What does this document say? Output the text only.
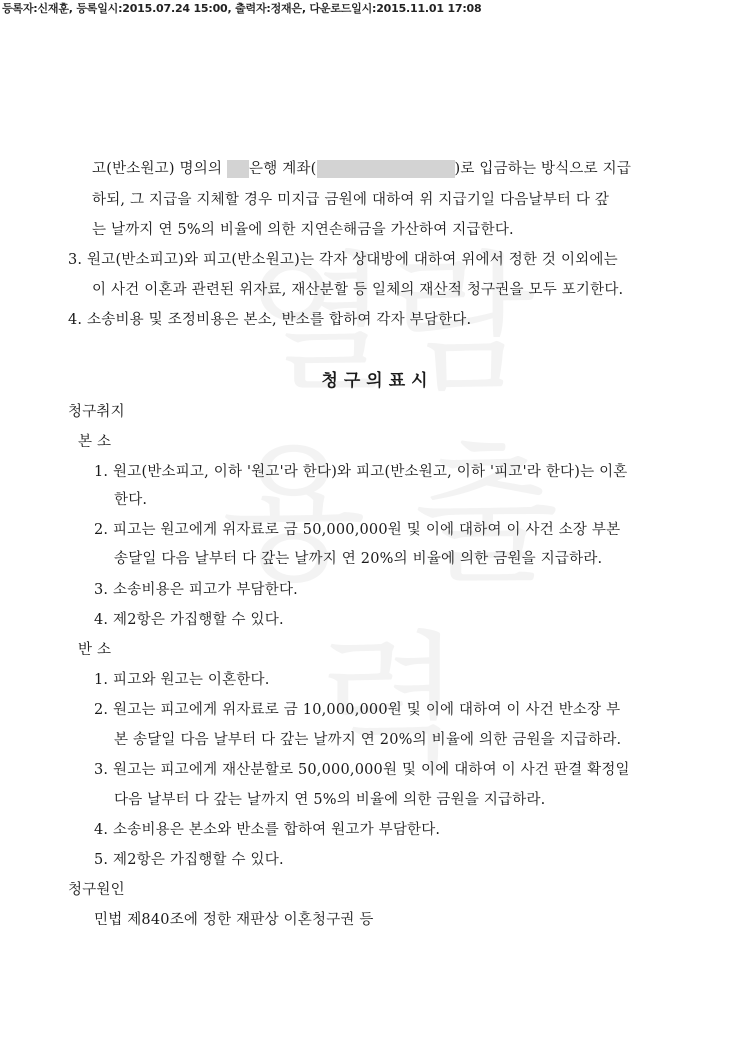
등록자:신재훈, 등록일시:2015.07.24 15:00, 출력자:정재은, 다운로드일시:2015.11.01 17:08
고(반소원고) 명의의 은행 계좌(	)로 입금하는 방식으로 지급
하되, 그 지급을 지체할 경우 미지급 금원에 대하여 위 지급기일 다음날부터 다 갚
는 날까지 연 5%의 비율에 의한 지연손해금을 가산하여 지급한다.
3. 원고(반소피고)와 피고(반소원고)는 각자 상대방에 대하여 위에서 정한 것 이외에는
이 사건 이혼과 관련된 위자료, 재산분할 등 일체의 재산적 청구권을 모두 포기한다.
4. 소송비용 및 조정비용은 본소, 반소를 합하여 각자 부담한다.
청구의표시
청구취지
본 소
1. 원고(반소피고, 이하 '원고'라 한다)와 피고(반소원고, 이하 '피고'라 한다)는 이혼
한다.
2. 피고는 원고에게 위자료로 금 50,000,000원 및 이에 대하여 이 사건 소장 부본
송달일 다음 날부터 다 갚는 날까지 연 20%의 비율에 의한 금원을 지급하라.
3. 소송비용은 피고가 부담한다.
4. 제2항은 가집행할 수 있다.
반 소
1. 피고와 원고는 이혼한다.
2. 원고는 피고에게 위자료로 금 10,000,000원 및 이에 대하여 이 사건 반소장 부
본 송달일 다음 날부터 다 갚는 날까지 연 20%의 비율에 의한 금원을 지급하라.
3. 원고는 피고에게 재산분할로 50,000,000원 및 이에 대하여 이 사건 판결 확정일
다음 날부터 다 갚는 날까지 연 5%의 비율에 의한 금원을 지급하라.
4. 소송비용은 본소와 반소를 합하여 원고가 부담한다.
5. 제2항은 가집행할 수 있다.
청구원인
민법 제840조에 정한 재판상 이혼청구권 등
